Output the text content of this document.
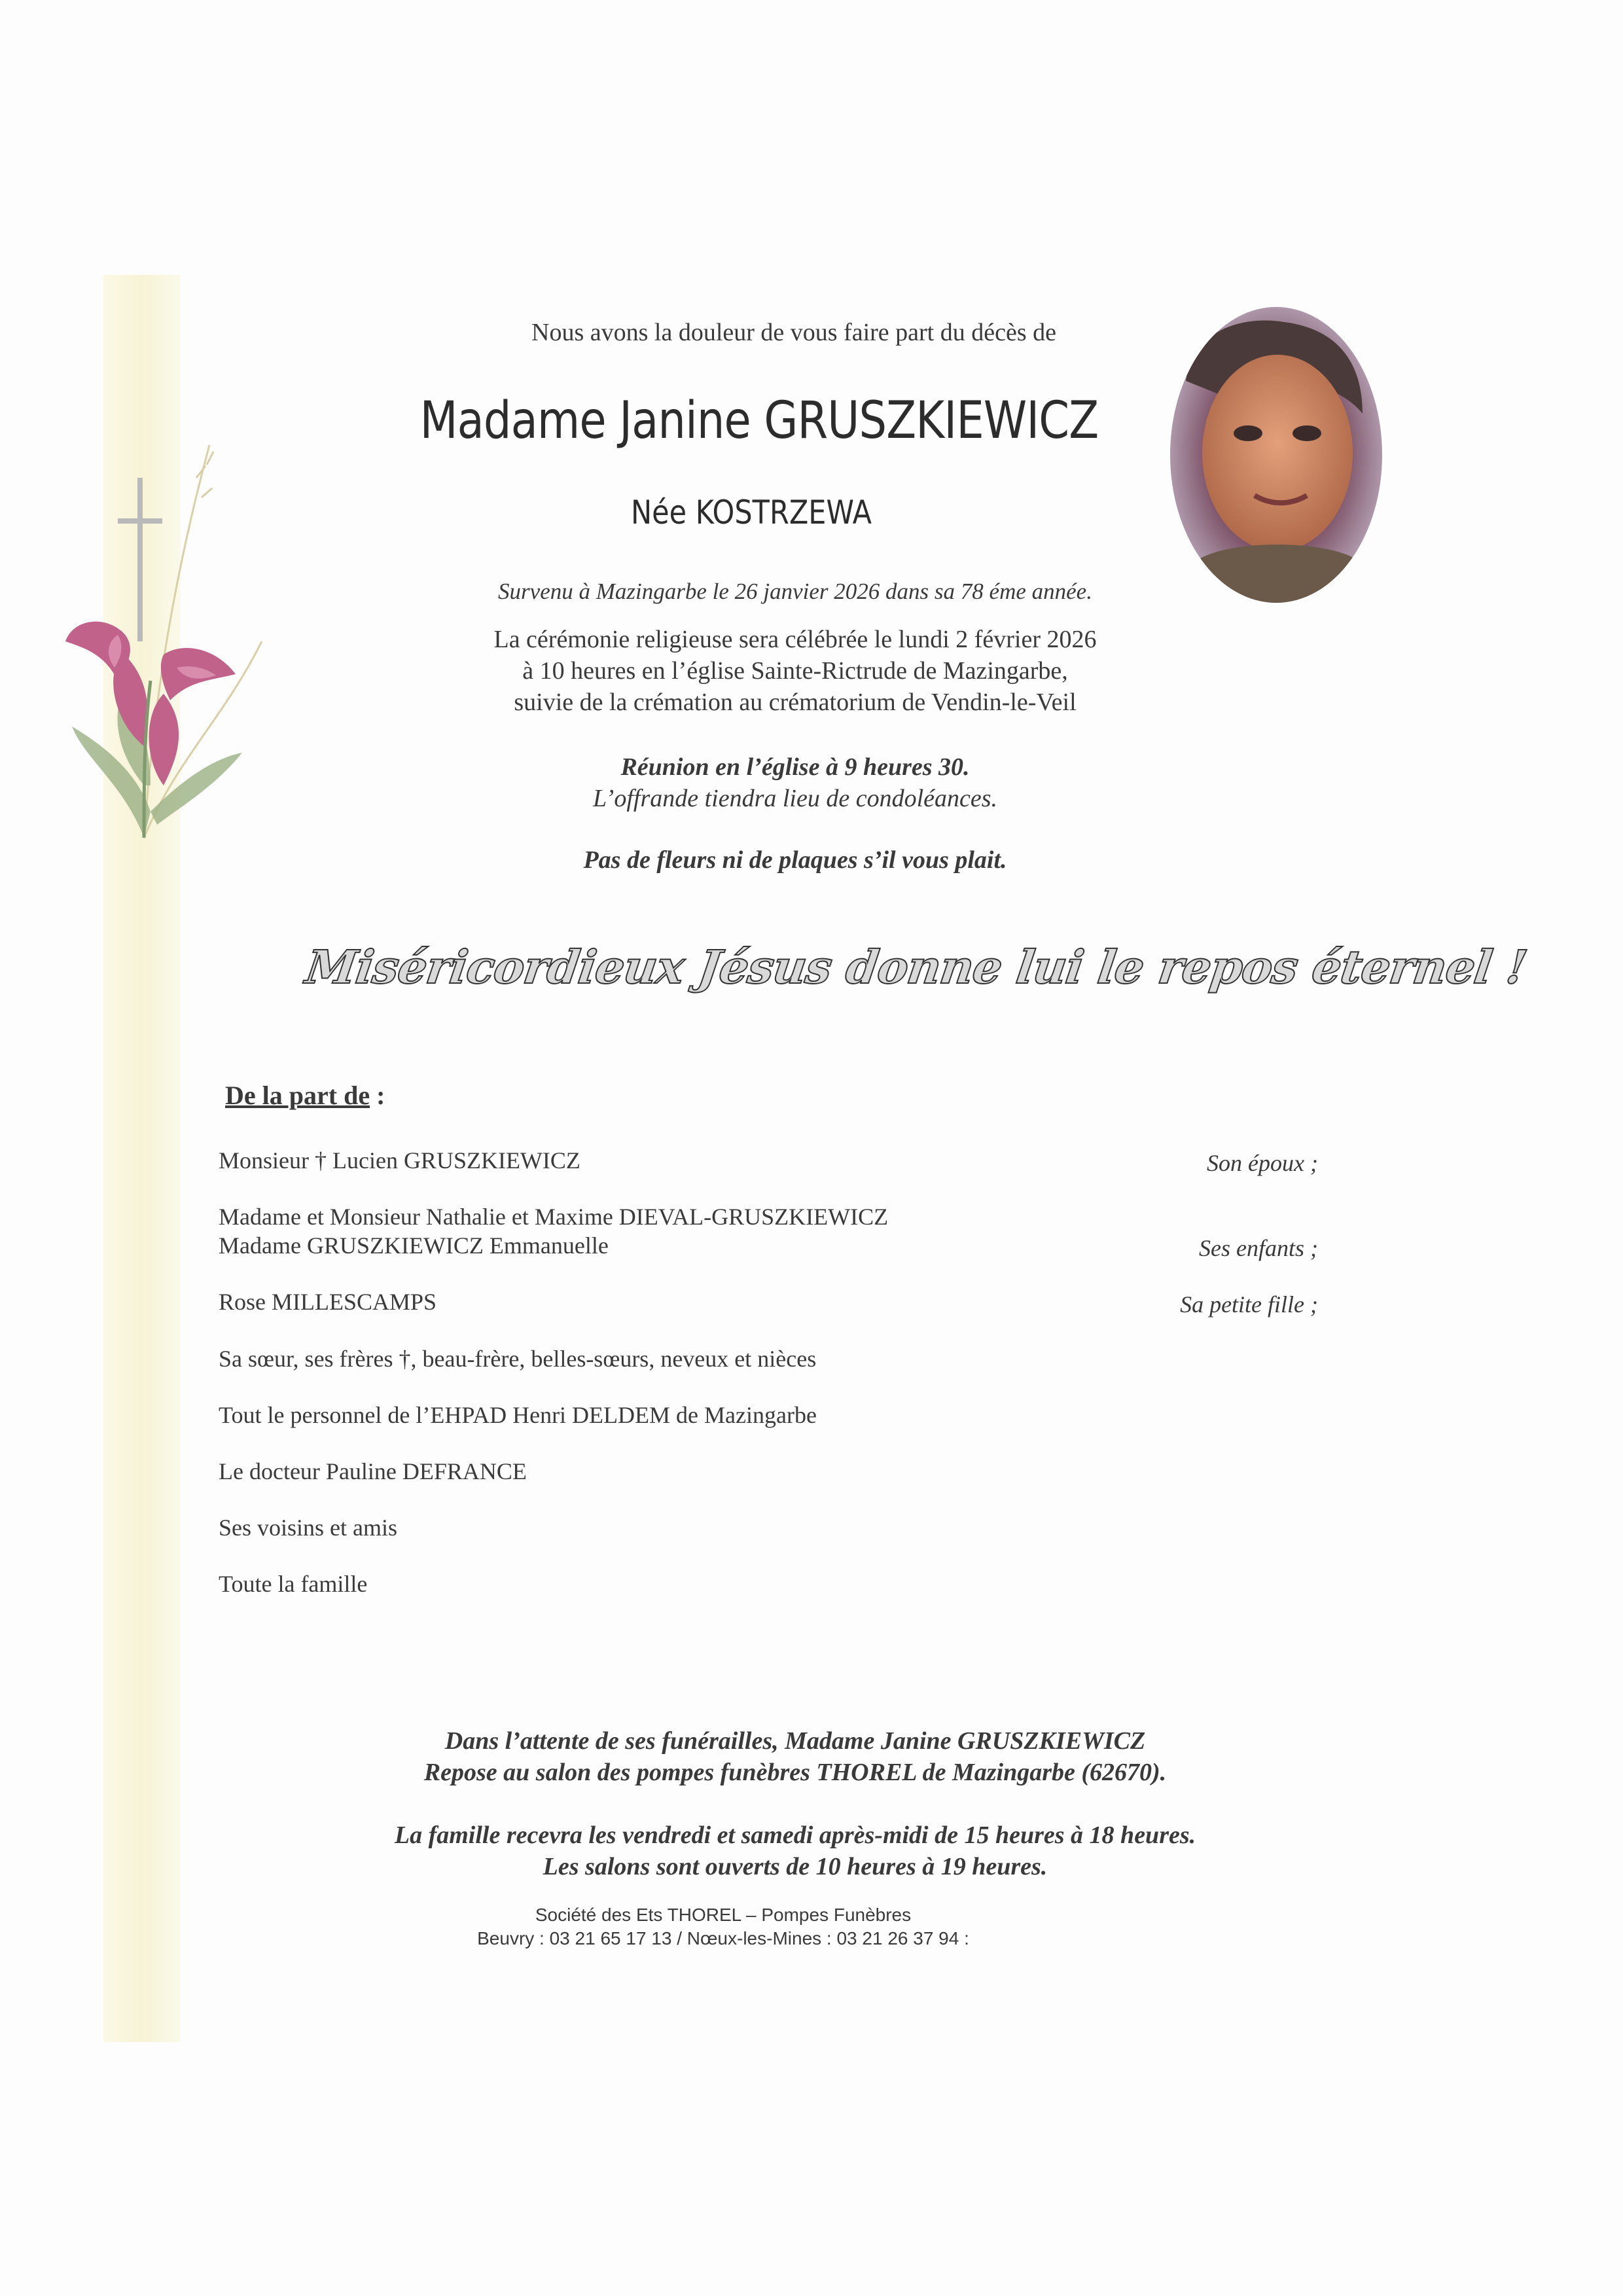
Nous avons la douleur de vous faire part du décès de
Madame Janine GRUSZKIEWICZ
Née KOSTRZEWA
Survenu à Mazingarbe le 26 janvier 2026 dans sa 78 éme année.
La cérémonie religieuse sera célébrée le lundi 2 février 2026
à 10 heures en l’église Sainte-Rictrude de Mazingarbe,
suivie de la crémation au crématorium de Vendin-le-Veil
Réunion en l’église à 9 heures 30.
L’offrande tiendra lieu de condoléances.
Pas de fleurs ni de plaques s’il vous plait.
Miséricordieux Jésus donne lui le repos éternel !
De la part de :
Monsieur † Lucien GRUSZKIEWICZ	Son époux ;
Madame et Monsieur Nathalie et Maxime DIEVAL-GRUSZKIEWICZ
Madame GRUSZKIEWICZ Emmanuelle	Ses enfants ;
Rose MILLESCAMPS	Sa petite fille ;
Sa sœur, ses frères †, beau-frère, belles-sœurs, neveux et nièces
Tout le personnel de l’EHPAD Henri DELDEM de Mazingarbe
Le docteur Pauline DEFRANCE
Ses voisins et amis
Toute la famille
Dans l’attente de ses funérailles, Madame Janine GRUSZKIEWICZ
Repose au salon des pompes funèbres THOREL de Mazingarbe (62670).
La famille recevra les vendredi et samedi après-midi de 15 heures à 18 heures.
Les salons sont ouverts de 10 heures à 19 heures.
Société des Ets THOREL – Pompes Funèbres
Beuvry : 03 21 65 17 13 / Nœux-les-Mines : 03 21 26 37 94 :
